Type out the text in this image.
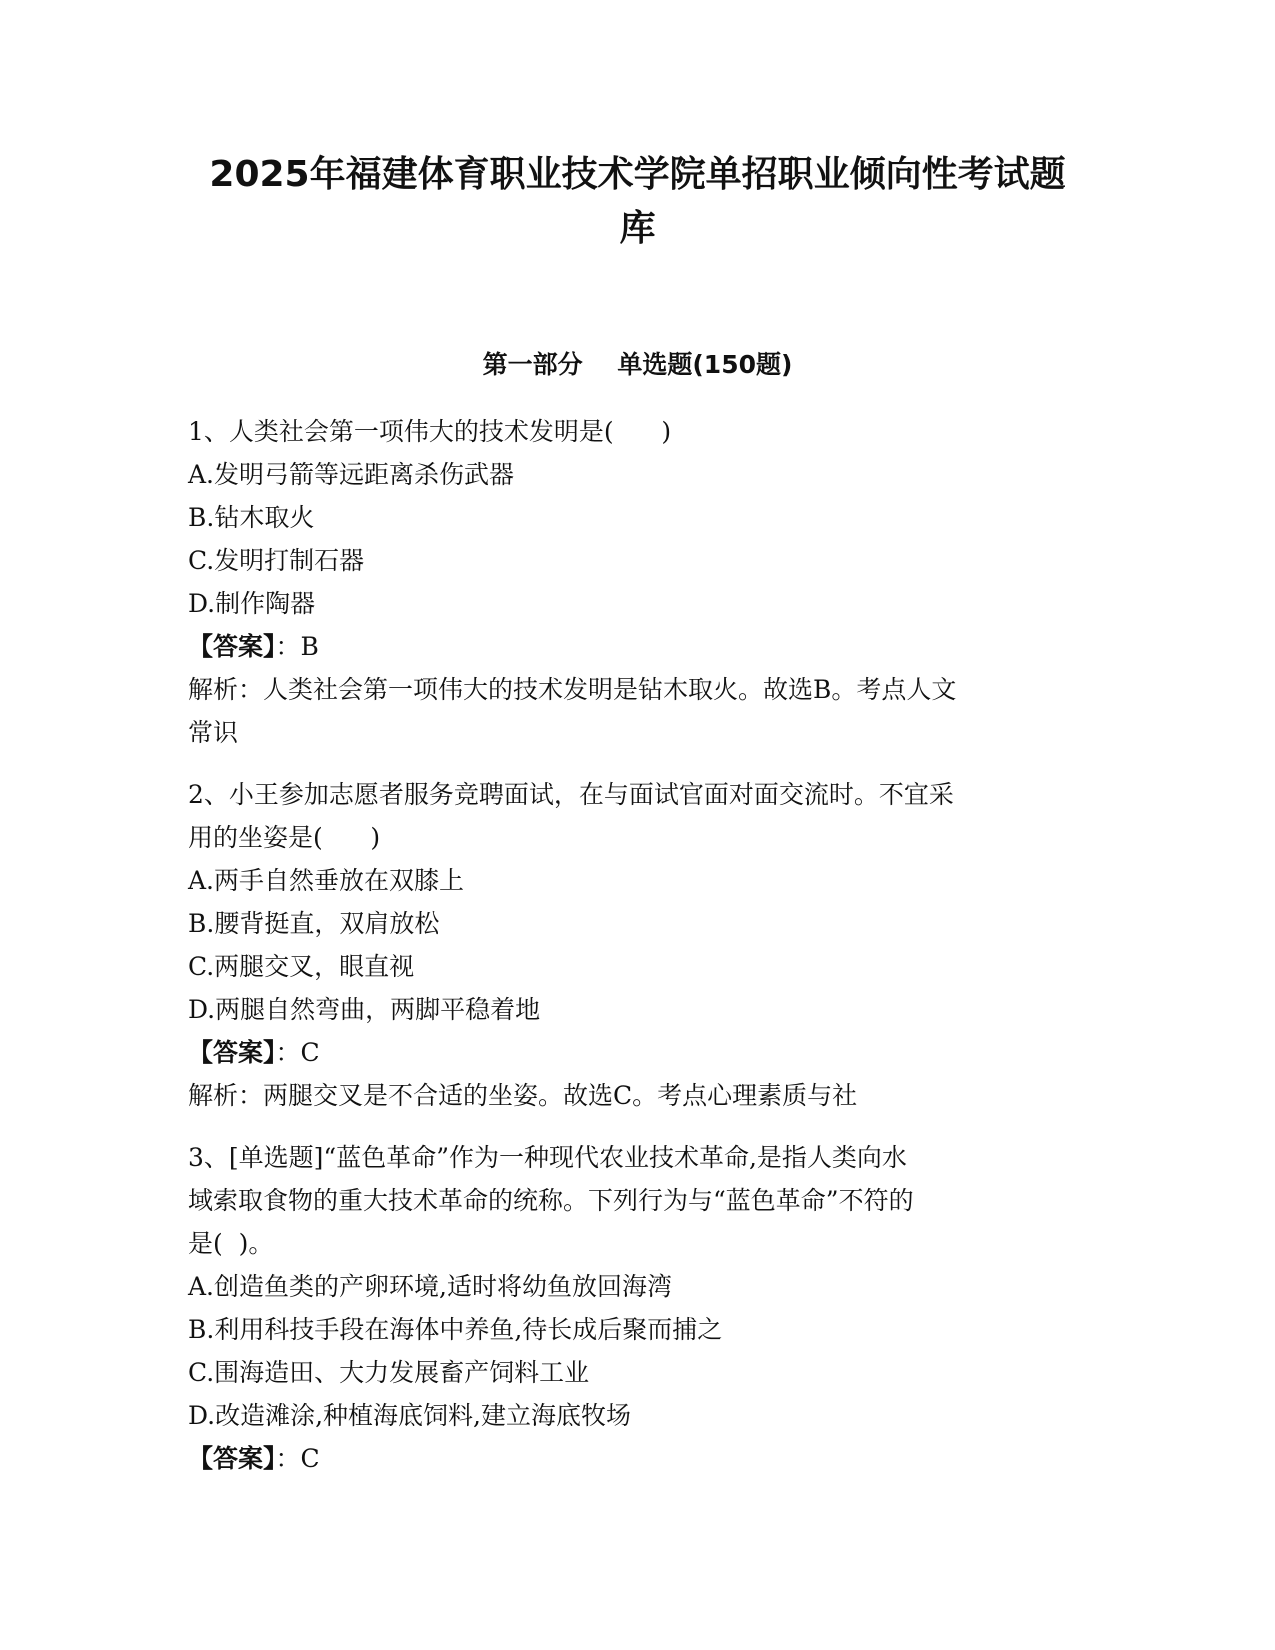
2025年福建体育职业技术学院单招职业倾向性考试题
库
第一部分    单选题(150题)
1、人类社会第一项伟大的技术发明是(      )
A.发明弓箭等远距离杀伤武器
B.钻木取火
C.发明打制石器
D.制作陶器
【答案】：B
解析：人类社会第一项伟大的技术发明是钻木取火。故选B。考点人文
常识
2、小王参加志愿者服务竞聘面试，在与面试官面对面交流时。不宜采
用的坐姿是(      )
A.两手自然垂放在双膝上
B.腰背挺直，双肩放松
C.两腿交叉，眼直视
D.两腿自然弯曲，两脚平稳着地
【答案】：C
解析：两腿交叉是不合适的坐姿。故选C。考点心理素质与社
3、[单选题]“蓝色革命”作为一种现代农业技术革命,是指人类向水
域索取食物的重大技术革命的统称。下列行为与“蓝色革命”不符的
是(  )。
A.创造鱼类的产卵环境,适时将幼鱼放回海湾
B.利用科技手段在海体中养鱼,待长成后聚而捕之
C.围海造田、大力发展畜产饲料工业
D.改造滩涂,种植海底饲料,建立海底牧场
【答案】：C
